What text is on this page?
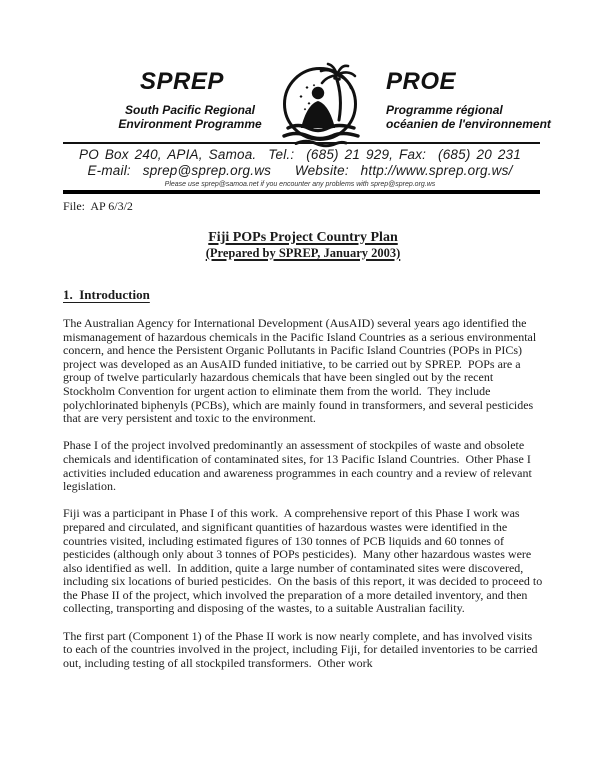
SPREP
South Pacific Regional
Environment Programme
PROE
Programme régional
océanien de l'environnement
PO Box 240, APIA, Samoa.  Tel.:  (685) 21 929, Fax:  (685) 20 231
E-mail:  sprep@sprep.org.ws    Website:  http://www.sprep.org.ws/
Please use sprep@samoa.net if you encounter any problems with sprep@sprep.org.ws
File:  AP 6/3/2
Fiji POPs Project Country Plan
(Prepared by SPREP, January 2003)
1.  Introduction

The Australian Agency for International Development (AusAID) several years ago identified the mismanagement of hazardous chemicals in the Pacific Island Countries as a serious environmental concern, and hence the Persistent Organic Pollutants in Pacific Island Countries (POPs in PICs) project was developed as an AusAID funded initiative, to be carried out by SPREP.  POPs are a group of twelve particularly hazardous chemicals that have been singled out by the recent Stockholm Convention for urgent action to eliminate them from the world.  They include polychlorinated biphenyls (PCBs), which are mainly found in transformers, and several pesticides that are very persistent and toxic to the environment.

Phase I of the project involved predominantly an assessment of stockpiles of waste and obsolete chemicals and identification of contaminated sites, for 13 Pacific Island Countries.  Other Phase I activities included education and awareness programmes in each country and a review of relevant legislation.

Fiji was a participant in Phase I of this work.  A comprehensive report of this Phase I work was prepared and circulated, and significant quantities of hazardous wastes were identified in the countries visited, including estimated figures of 130 tonnes of PCB liquids and 60 tonnes of pesticides (although only about 3 tonnes of POPs pesticides).  Many other hazardous wastes were also identified as well.  In addition, quite a large number of contaminated sites were discovered, including six locations of buried pesticides.  On the basis of this report, it was decided to proceed to the Phase II of the project, which involved the preparation of a more detailed inventory, and then collecting, transporting and disposing of the wastes, to a suitable Australian facility.

The first part (Component 1) of the Phase II work is now nearly complete, and has involved visits to each of the countries involved in the project, including Fiji, for detailed inventories to be carried out, including testing of all stockpiled transformers.  Other work
